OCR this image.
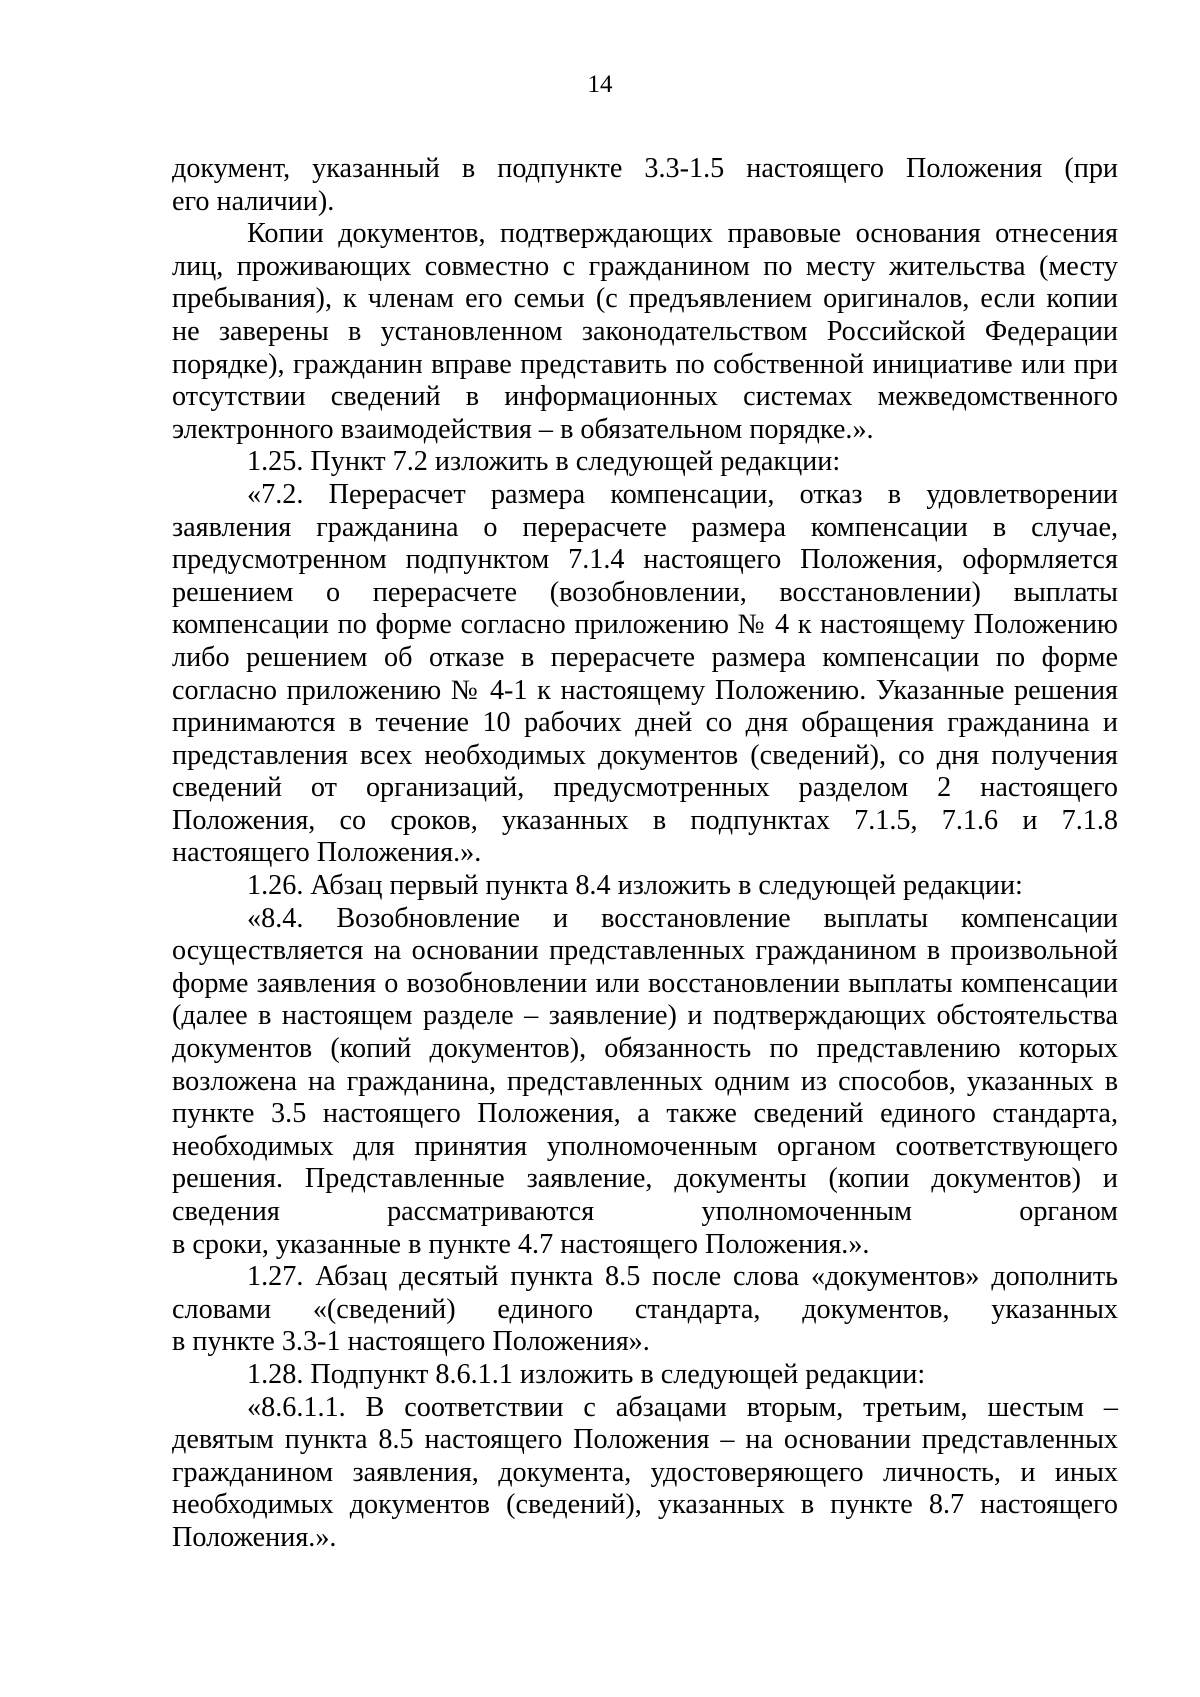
14
документ, указанный в подпункте 3.3-1.5 настоящего Положения (при
его наличии).
Копии документов, подтверждающих правовые основания отнесения
лиц, проживающих совместно с гражданином по месту жительства (месту
пребывания), к членам его семьи (с предъявлением оригиналов, если копии
не заверены в установленном законодательством Российской Федерации
порядке), гражданин вправе представить по собственной инициативе или при
отсутствии сведений в информационных системах межведомственного
электронного взаимодействия – в обязательном порядке.».
1.25. Пункт 7.2 изложить в следующей редакции:
«7.2. Перерасчет размера компенсации, отказ в удовлетворении
заявления гражданина о перерасчете размера компенсации в случае,
предусмотренном подпунктом 7.1.4 настоящего Положения, оформляется
решением о перерасчете (возобновлении, восстановлении) выплаты
компенсации по форме согласно приложению № 4 к настоящему Положению
либо решением об отказе в перерасчете размера компенсации по форме
согласно приложению № 4-1 к настоящему Положению. Указанные решения
принимаются в течение 10 рабочих дней со дня обращения гражданина и
представления всех необходимых документов (сведений), со дня получения
сведений от организаций, предусмотренных разделом 2 настоящего
Положения, со сроков, указанных в подпунктах 7.1.5, 7.1.6 и 7.1.8
настоящего Положения.».
1.26. Абзац первый пункта 8.4 изложить в следующей редакции:
«8.4. Возобновление и восстановление выплаты компенсации
осуществляется на основании представленных гражданином в произвольной
форме заявления о возобновлении или восстановлении выплаты компенсации
(далее в настоящем разделе – заявление) и подтверждающих обстоятельства
документов (копий документов), обязанность по представлению которых
возложена на гражданина, представленных одним из способов, указанных в
пункте 3.5 настоящего Положения, а также сведений единого стандарта,
необходимых для принятия уполномоченным органом соответствующего
решения. Представленные заявление, документы (копии документов) и
сведения рассматриваются уполномоченным органом
в сроки, указанные в пункте 4.7 настоящего Положения.».
1.27. Абзац десятый пункта 8.5 после слова «документов» дополнить
словами «(сведений) единого стандарта, документов, указанных
в пункте 3.3-1 настоящего Положения».
1.28. Подпункт 8.6.1.1 изложить в следующей редакции:
«8.6.1.1. В соответствии с абзацами вторым, третьим, шестым –
девятым пункта 8.5 настоящего Положения – на основании представленных
гражданином заявления, документа, удостоверяющего личность, и иных
необходимых документов (сведений), указанных в пункте 8.7 настоящего
Положения.».
